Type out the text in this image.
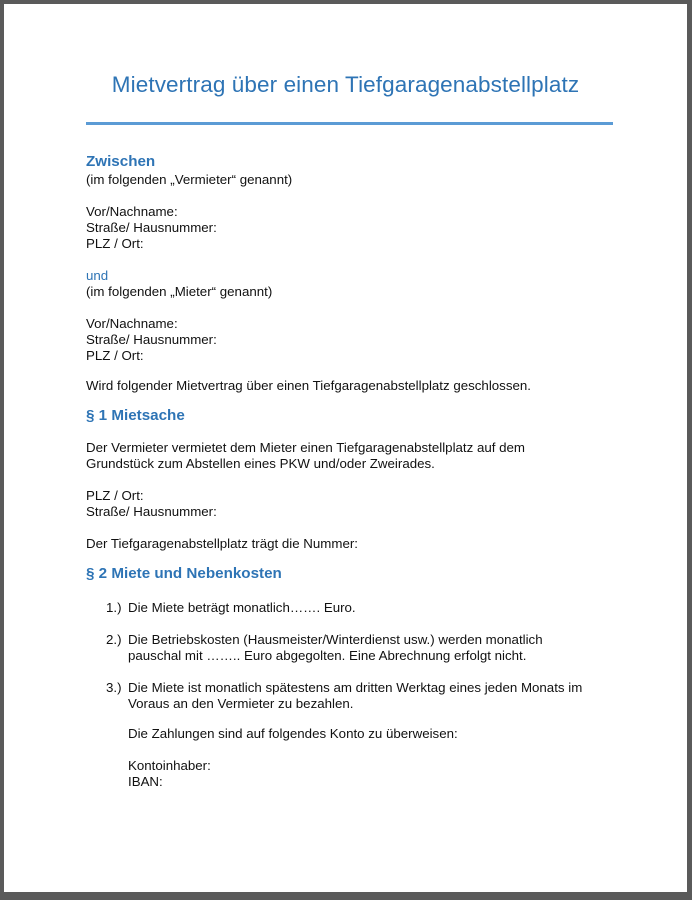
Mietvertrag über einen Tiefgaragenabstellplatz
Zwischen
(im folgenden „Vermieter“ genannt)
Vor/Nachname:
Straße/ Hausnummer:
PLZ / Ort:
und
(im folgenden „Mieter“ genannt)
Vor/Nachname:
Straße/ Hausnummer:
PLZ / Ort:
Wird folgender Mietvertrag über einen Tiefgaragenabstellplatz geschlossen.
§ 1 Mietsache
Der Vermieter vermietet dem Mieter einen Tiefgaragenabstellplatz auf dem
Grundstück zum Abstellen eines PKW und/oder Zweirades.
PLZ / Ort:
Straße/ Hausnummer:
Der Tiefgaragenabstellplatz trägt die Nummer:
§ 2 Miete und Nebenkosten
1.) Die Miete beträgt monatlich……. Euro.
2.) Die Betriebskosten (Hausmeister/Winterdienst usw.) werden monatlich
pauschal mit …….. Euro abgegolten. Eine Abrechnung erfolgt nicht.
3.) Die Miete ist monatlich spätestens am dritten Werktag eines jeden Monats im
Voraus an den Vermieter zu bezahlen.
Die Zahlungen sind auf folgendes Konto zu überweisen:
Kontoinhaber:
IBAN:
